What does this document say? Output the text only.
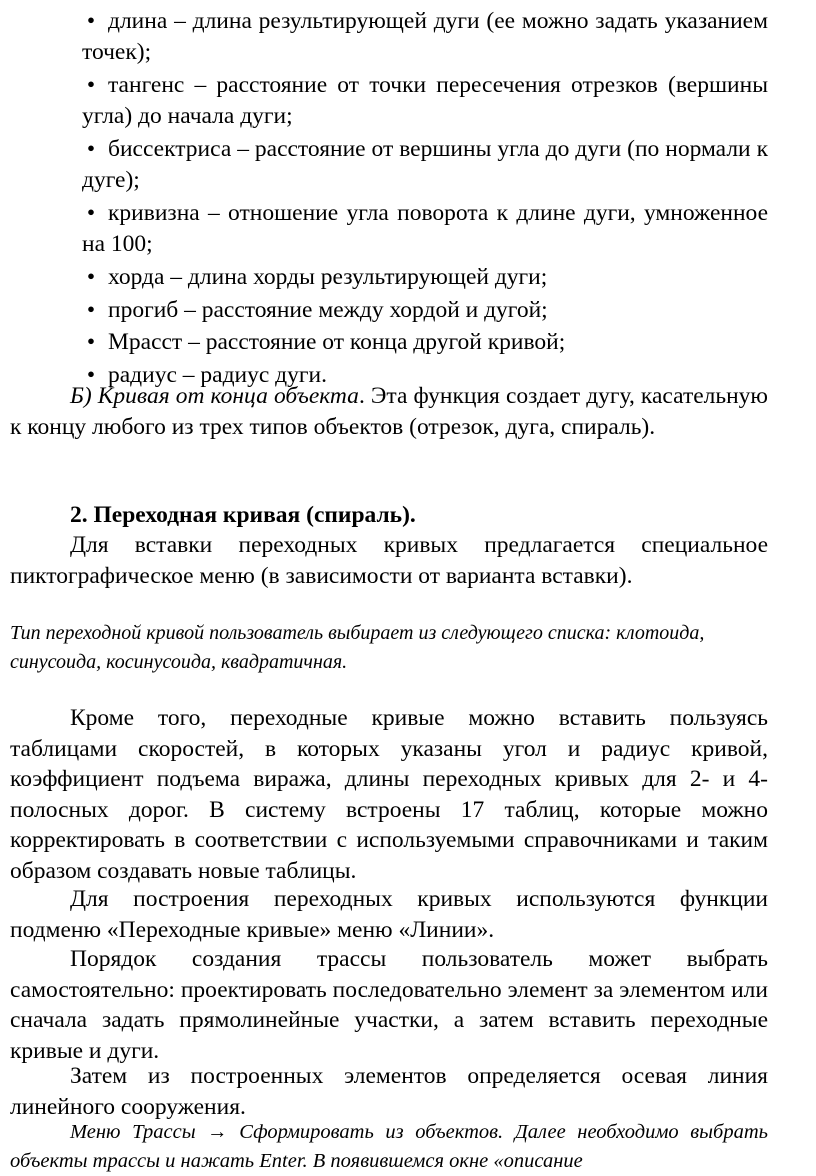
• длина – длина результирующей дуги (ее можно задать указанием точек);
• тангенс – расстояние от точки пересечения отрезков (вершины угла) до начала дуги;
• биссектриса – расстояние от вершины угла до дуги (по нормали к дуге);
• кривизна – отношение угла поворота к длине дуги, умноженное на 100;
• хорда – длина хорды результирующей дуги;
• прогиб – расстояние между хордой и дугой;
• Мрасст – расстояние от конца другой кривой;
• радиус – радиус дуги.

Б) Кривая от конца объекта. Эта функция создает дугу, касательную к концу любого из трех типов объектов (отрезок, дуга, спираль).

2. Переходная кривая (спираль).

Для вставки переходных кривых предлагается специальное пиктографическое меню (в зависимости от варианта вставки).

Тип переходной кривой пользователь выбирает из следующего списка: клотоида, синусоида, косинусоида, квадратичная.

Кроме того, переходные кривые можно вставить пользуясь таблицами скоростей, в которых указаны угол и радиус кривой, коэффициент подъема виража, длины переходных кривых для 2- и 4-полосных дорог. В систему встроены 17 таблиц, которые можно корректировать в соответствии с используемыми справочниками и таким образом создавать новые таблицы.

Для построения переходных кривых используются функции подменю «Переходные кривые» меню «Линии».

Порядок создания трассы пользователь может выбрать самостоятельно: проектировать последовательно элемент за элементом или сначала задать прямолинейные участки, а затем вставить переходные кривые и дуги.

Затем из построенных элементов определяется осевая линия линейного сооружения.

Меню Трассы → Сформировать из объектов. Далее необходимо выбрать объекты трассы и нажать Enter. В появившемся окне «описание
